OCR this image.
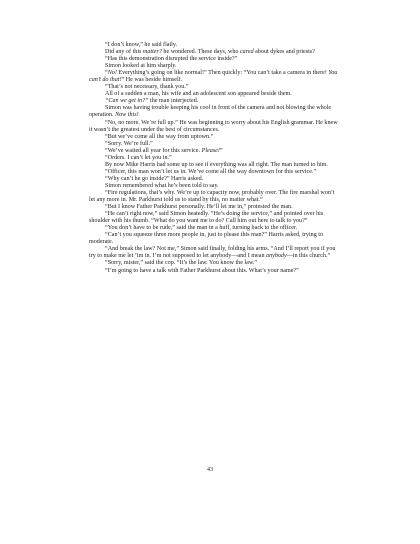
“I don’t know,” he said flatly.

Did any of this matter? he wondered. These days, who cared about dykes and priests?

“Has this demonstration disrupted the service inside?”

Simon looked at him sharply.

“No! Everything’s going on like normal!” Then quickly: “You can’t take a camera in there! You can’t do that!” He was beside himself.

“That’s not necessary, thank you.”

All of a sudden a man, his wife and an adolescent son appeared beside them.

“Can we get in?” the man interjected.

Simon was having trouble keeping his cool in front of the camera and not blowing the whole operation. Now this!

“No, no more. We’re full up.” He was beginning to worry about his English grammar. He knew it wasn’t the greatest under the best of circumstances.

“But we’ve come all the way from uptown.”

“Sorry. We’re full.”

“We’ve waited all year for this service. Please!”

“Orders. I can’t let you in.”

By now Mike Harris had some up to see if everything was all right. The man turned to him.

“Officer, this man won’t let us in. We’ve come all the way downtown for this service.”

“Why can’t he go inside?” Harris asked.

Simon remembered what he’s been told to say.

“Fire regulations, that’s why. We’re up to capacity now, probably over. The fire marshal won’t let any more in. Mr. Parkhurst told us to stand by this, no matter what.”

“But I know Father Parkhurst personally. He’ll let me in,” protested the man.

“He can’t right now,” said Simon heatedly. “He’s doing the service,” and pointed over his shoulder with his thumb. “What do you want me to do? Call him out here to talk to you?”

“You don’t have to be rude,” said the man in a huff, turning back to the officer.

“Can’t you squeeze three more people in, just to please this man?” Harris asked, trying to moderate.

“And break the law? Not me,” Simon said finally, folding his arms. “And I’ll report you if you try to make me let ’im in. I’m not supposed to let anybody—and I mean anybody—in this church.”

“Sorry, mister,” said the cop. “It’s the law. You know the law.”

“I’m going to have a talk with Father Parkhurst about this. What’s your name?”

43
